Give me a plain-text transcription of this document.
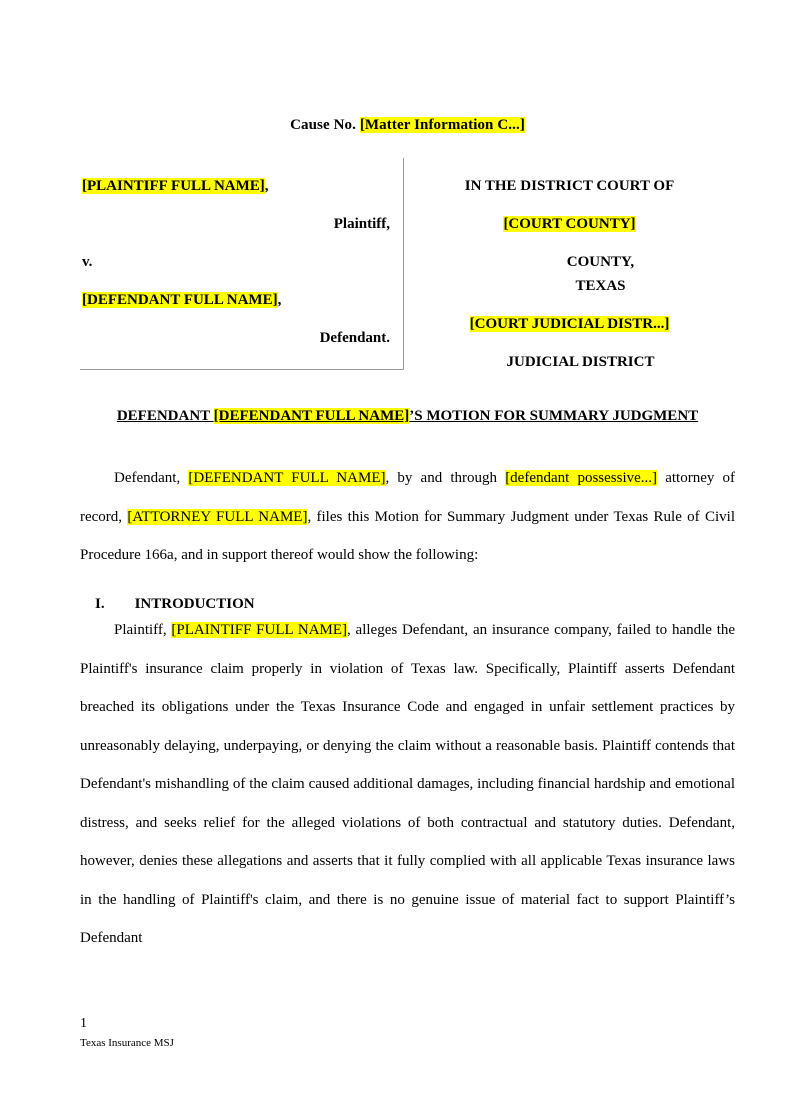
Cause No. [Matter Information C...]
[PLAINTIFF FULL NAME],
Plaintiff,
v.
[DEFENDANT FULL NAME],
Defendant.
IN THE DISTRICT COURT OF
[COURT COUNTY]
COUNTY,
TEXAS
[COURT JUDICIAL DISTR...]
JUDICIAL DISTRICT
DEFENDANT [DEFENDANT FULL NAME]’S MOTION FOR SUMMARY JUDGMENT
Defendant, [DEFENDANT FULL NAME], by and through [defendant possessive...] attorney of record, [ATTORNEY FULL NAME], files this Motion for Summary Judgment under Texas Rule of Civil Procedure 166a, and in support thereof would show the following:

I.   INTRODUCTION

Plaintiff, [PLAINTIFF FULL NAME], alleges Defendant, an insurance company, failed to handle the Plaintiff's insurance claim properly in violation of Texas law. Specifically, Plaintiff asserts Defendant breached its obligations under the Texas Insurance Code and engaged in unfair settlement practices by unreasonably delaying, underpaying, or denying the claim without a reasonable basis. Plaintiff contends that Defendant's mishandling of the claim caused additional damages, including financial hardship and emotional distress, and seeks relief for the alleged violations of both contractual and statutory duties. Defendant, however, denies these allegations and asserts that it fully complied with all applicable Texas insurance laws in the handling of Plaintiff's claim, and there is no genuine issue of material fact to support Plaintiff’s Defendant
1
Texas Insurance MSJ
